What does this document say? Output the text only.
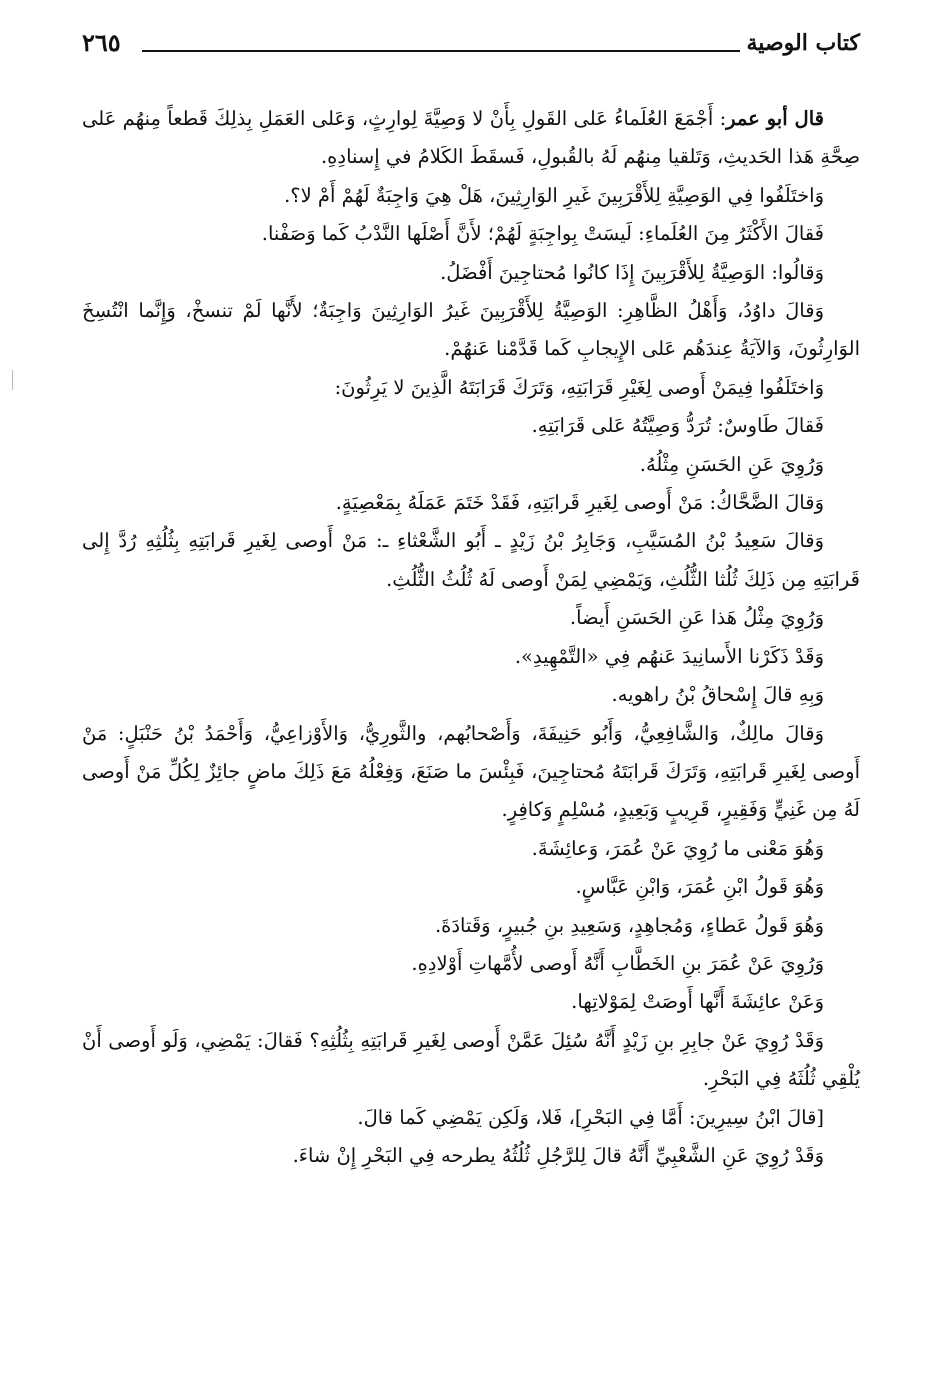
كتاب الوصية
٢٦٥

قال أبو عمر: أَجْمَعَ العُلَماءُ عَلى القَولِ بِأَنْ لا وَصِيَّةَ لِوارِثٍ، وَعَلى العَمَلِ بِذلِكَ قَطعاً مِنهُم عَلى صِحَّةِ هَذا الحَديثِ، وَتَلقيا مِنهُم لَهُ بالقُبولِ، فَسقَطَ الكَلامُ في إِسنادِهِ.

وَاختَلَفُوا فِي الوَصِيَّةِ لِلأَقْرَبِينَ غَيرِ الوَارِثِينَ، هَلْ هِيَ وَاجِبَةٌ لَهُمْ أَمْ لا؟.

فَقالَ الأَكْثَرُ مِنَ العُلَماءِ: لَيسَتْ بِواجِبَةٍ لَهُمْ؛ لأَنَّ أَصْلَها النَّدْبُ كَما وَصَفْنا.

وَقالُوا: الوَصِيَّةُ لِلأَقْرَبِينَ إِذَا كانُوا مُحتاجِينَ أَفْضَلُ.

وَقالَ داوُدُ، وَأَهْلُ الظَّاهِرِ: الوَصِيَّةُ لِلأَقْرَبِينَ غَيرُ الوَارِثِينَ وَاجِبَةٌ؛ لأَنَّها لَمْ تنسخْ، وَإِنَّما انْتُسِخَ الوَارِثُونَ، وَالآيَةُ عِندَهُم عَلى الإِيجابِ كَما قَدَّمْنا عَنهُمْ.

وَاختَلَفُوا فِيمَنْ أَوصى لِغَيْرِ قَرَابَتِهِ، وَتَرَكَ قَرَابَتَهُ الَّذِينَ لا يَرِثُونَ:

فَقالَ طَاوسٌ: تُرَدُّ وَصِيَّتُهُ عَلى قَرَابَتِهِ.

وَرُوِيَ عَنِ الحَسَنِ مِثْلُهُ.

وَقالَ الضَّحَّاكُ: مَنْ أَوصى لِغَيرِ قَرابَتِهِ، فَقَدْ خَتَمَ عَمَلَهُ بِمَعْصِيَةٍ.

وَقالَ سَعِيدُ بْنُ المُسَيَّبِ، وَجَابِرُ بْنُ زَيْدٍ ـ أَبُو الشَّعْثاءِ ـ: مَنْ أَوصى لِغَيرِ قَرابَتِهِ بِثُلُثِهِ رُدَّ إِلى قَرابَتِهِ مِن ذَلِكَ ثُلُثا الثُّلُثِ، وَيَمْضِي لِمَنْ أَوصى لَهُ ثُلُثُ الثُّلُثِ.

وَرُوِيَ مِثْلُ هَذا عَنِ الحَسَنِ أَيضاً.

وَقَدْ ذَكَرْنا الأَسانِيدَ عَنهُم فِي «التَّمْهِيدِ».

وَبِهِ قالَ إِسْحاقُ بْنُ راهويه.

وَقالَ مالِكٌ، وَالشَّافِعِيُّ، وَأَبُو حَنِيفَةَ، وَأَصْحابُهم، والثَّورِيُّ، وَالأَوْزاعِيُّ، وَأَحْمَدُ بْنُ حَنْبَلٍ: مَنْ أَوصى لِغَيرِ قَرابَتِهِ، وَتَرَكَ قَرابَتَهُ مُحتاجِينَ، فَبِئْسَ ما صَنَعَ، وَفِعْلُهُ مَعَ ذَلِكَ ماضٍ جائِزٌ لِكُلِّ مَنْ أَوصى لَهُ مِن غَنِيٍّ وَفَقِيرٍ، قَرِيبٍ وَبَعِيدٍ، مُسْلِمٍ وَكافِرٍ.

وَهُوَ مَعْنى ما رُوِيَ عَنْ عُمَرَ، وَعائِشَةَ.

وَهُوَ قَولُ ابْنِ عُمَرَ، وَابْنِ عَبَّاسٍ.

وَهُوَ قَولُ عَطاءٍ، وَمُجاهِدٍ، وَسَعِيدِ بنِ جُبيرٍ، وَقَتادَةَ.

وَرُوِيَ عَنْ عُمَرَ بنِ الخَطَّابِ أَنَّهُ أَوصى لأُمَّهاتِ أَوْلادِهِ.

وَعَنْ عائِشَةَ أَنَّها أَوصَتْ لِمَوْلاتِها.

وَقَدْ رُوِيَ عَنْ جابِرِ بنِ زَيْدٍ أَنَّهُ سُئِلَ عَمَّنْ أَوصى لِغَيرِ قَرابَتِهِ بِثُلُثِهِ؟ فَقالَ: يَمْضِي، وَلَو أَوصى أَنْ يُلْقِي ثُلُثَهُ فِي البَحْرِ.

[قالَ ابْنُ سِيرِينَ: أَمَّا فِي البَحْرِ]، فَلا، وَلَكِن يَمْضِي كَما قالَ.

وَقَدْ رُوِيَ عَنِ الشَّعْبِيِّ أَنَّهُ قالَ لِلرَّجُلِ ثُلُثُهُ يطرحه فِي البَحْرِ إِنْ شاءَ.
